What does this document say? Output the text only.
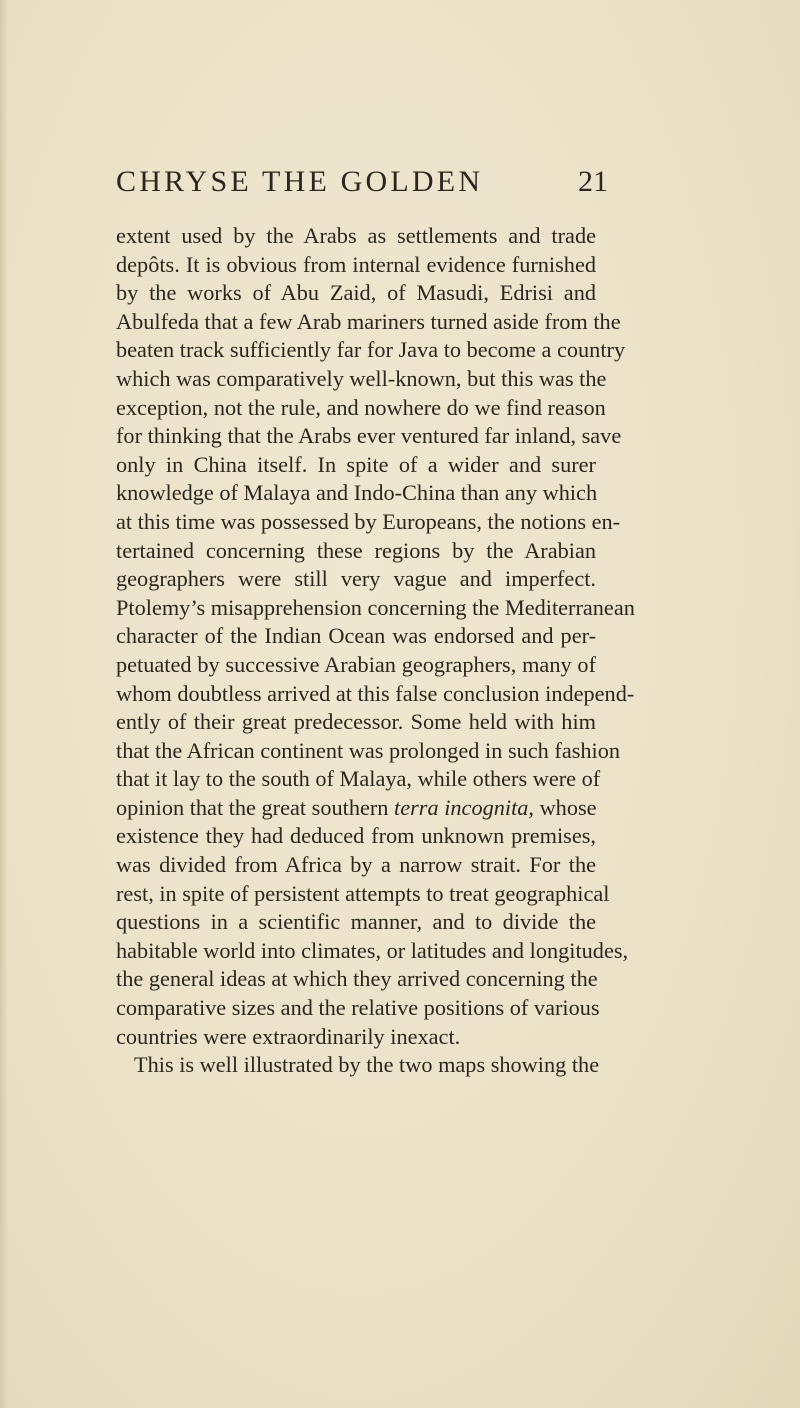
CHRYSE THE GOLDEN	21
extent used by the Arabs as settlements and trade
depôts. It is obvious from internal evidence furnished
by the works of Abu Zaid, of Masudi, Edrisi and
Abulfeda that a few Arab mariners turned aside from the
beaten track sufficiently far for Java to become a country
which was comparatively well-known, but this was the
exception, not the rule, and nowhere do we find reason
for thinking that the Arabs ever ventured far inland, save
only in China itself. In spite of a wider and surer
knowledge of Malaya and Indo-China than any which
at this time was possessed by Europeans, the notions en-
tertained concerning these regions by the Arabian
geographers were still very vague and imperfect.
Ptolemy’s misapprehension concerning the Mediterranean
character of the Indian Ocean was endorsed and per-
petuated by successive Arabian geographers, many of
whom doubtless arrived at this false conclusion independ-
ently of their great predecessor. Some held with him
that the African continent was prolonged in such fashion
that it lay to the south of Malaya, while others were of
opinion that the great southern terra incognita, whose
existence they had deduced from unknown premises,
was divided from Africa by a narrow strait. For the
rest, in spite of persistent attempts to treat geographical
questions in a scientific manner, and to divide the
habitable world into climates, or latitudes and longitudes,
the general ideas at which they arrived concerning the
comparative sizes and the relative positions of various
countries were extraordinarily inexact.
This is well illustrated by the two maps showing the
